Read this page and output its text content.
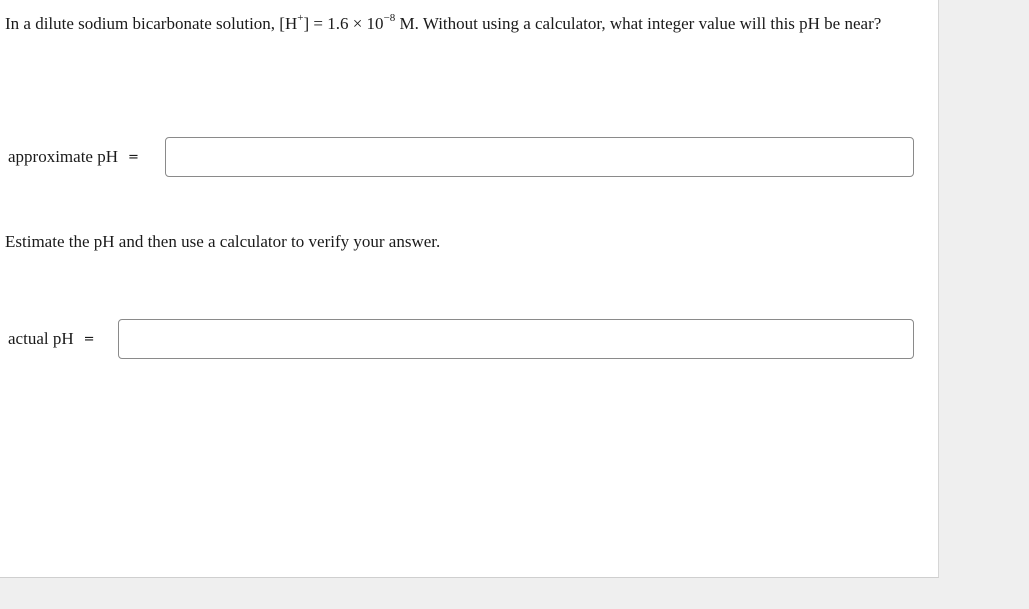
In a dilute sodium bicarbonate solution, $[H^+] = 1.6 \times 10^{-8}$ M. Without using a calculator, what integer value will this pH be near?

approximate pH =

Estimate the pH and then use a calculator to verify your answer.

actual pH =
